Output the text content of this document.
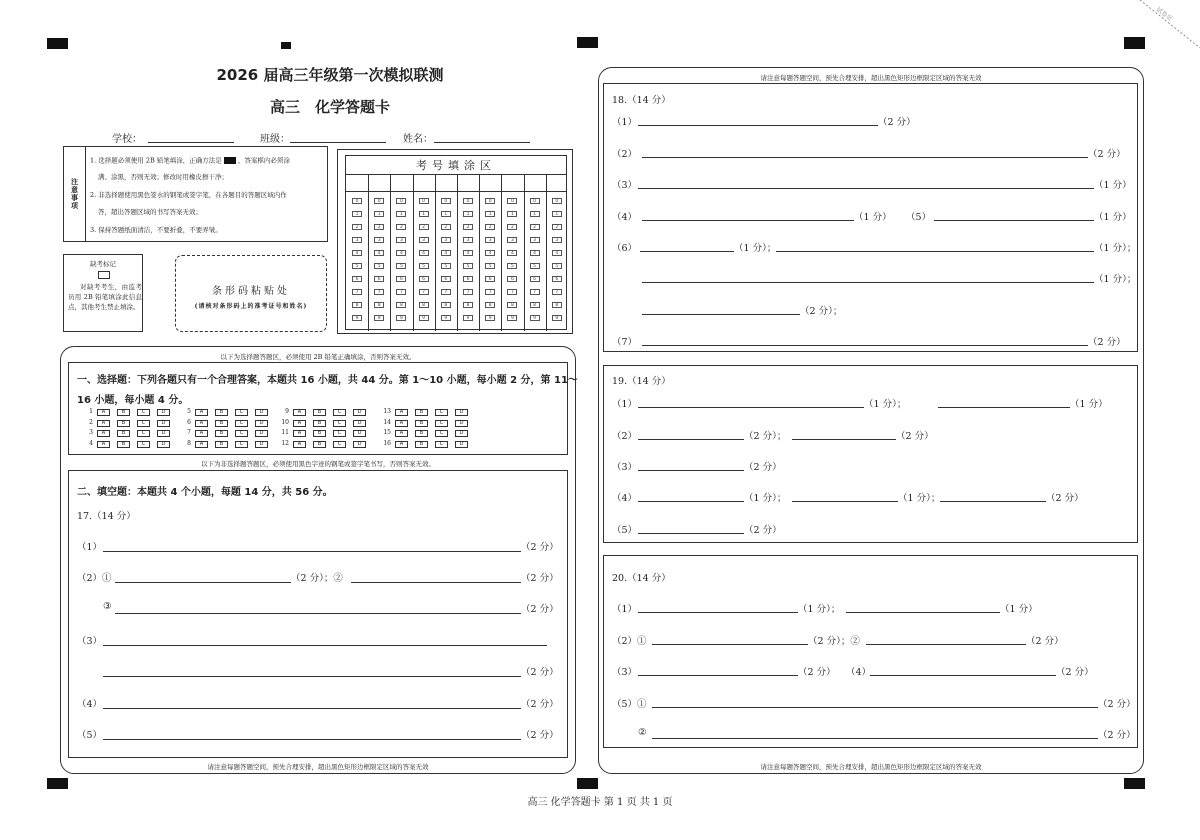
试卷页
2026 届高三年级第一次模拟联测
高三　化学答题卡
学校：	班级：	姓名：
注意事项
1. 选择题必须使用 2B 铅笔填涂，正确方法是 ，答案框内必须涂
满、涂黑，否则无效；修改时用橡皮擦干净；
2. 非选择题使用黑色签水的钢笔或签字笔，在各题目的答题区域内作
答，超出答题区域的书写答案无效；
3. 保持答题纸面清洁，不要折叠，不要弄皱。
缺考标记
对缺考考生，由监考员用 2B 铅笔填涂此信息点，其他考生禁止填涂。
条形码粘贴处
(请核对条形码上的准考证号和姓名)
考号填涂区
0	0	0	0	0	0	0	0	0	0
1	1	1	1	1	1	1	1	1	1
2	2	2	2	2	2	2	2	2	2
3	3	3	3	3	3	3	3	3	3
4	4	4	4	4	4	4	4	4	4
5	5	5	5	5	5	5	5	5	5
6	6	6	6	6	6	6	6	6	6
7	7	7	7	7	7	7	7	7	7
8	8	8	8	8	8	8	8	8	8
9	9	9	9	9	9	9	9	9	9
以下为选择题答题区，必须使用 2B 铅笔正确填涂，否则答案无效。
一、选择题：下列各题只有一个合理答案，本题共 16 小题，共 44 分。第 1～10 小题，每小题 2 分，第 11～
16 小题，每小题 4 分。
1	A	B	C	D
2	A	B	C	D
3	A	B	C	D
4	A	B	C	D
5	A	B	C	D
6	A	B	C	D
7	A	B	C	D
8	A	B	C	D
9	A	B	C	D
10	A	B	C	D
11	A	B	C	D
12	A	B	C	D
13	A	B	C	D
14	A	B	C	D
15	A	B	C	D
16	A	B	C	D
以下为非选择题答题区，必须使用黑色字迹的钢笔或签字笔书写，否则答案无效。
二、填空题：本题共 4 个小题，每题 14 分，共 56 分。
17.（14 分）
（1）	（2 分）
（2）①	（2 分）；②	（2 分）
③	（2 分）
（3）
（2 分）
（4）	（2 分）
（5）	（2 分）
请注意每题答题空间，预先合理安排，超出黑色矩形边框限定区域的答案无效
请注意每题答题空间，预先合理安排，超出黑色矩形边框限定区域的答案无效
18.（14 分）
（1）	（2 分）
（2）	（2 分）
（3）	（1 分）
（4）	（1 分） （5）	（1 分）
（6）	（1 分）；	（1 分）；
（1 分）；
（2 分）；
（7）	（2 分）
19.（14 分）
（1）	（1 分）；	（1 分）
（2）	（2 分）；	（2 分）
（3）	（2 分）
（4）	（1 分）；	（1 分）；	（2 分）
（5）	（2 分）
20.（14 分）
（1）	（1 分）；	（1 分）
（2）①	（2 分）；②	（2 分）
（3）	（2 分） （4）	（2 分）
（5）①	（2 分）
②	（2 分）
请注意每题答题空间，预先合理安排，超出黑色矩形边框限定区域的答案无效
高三 化学答题卡 第 1 页 共 1 页
